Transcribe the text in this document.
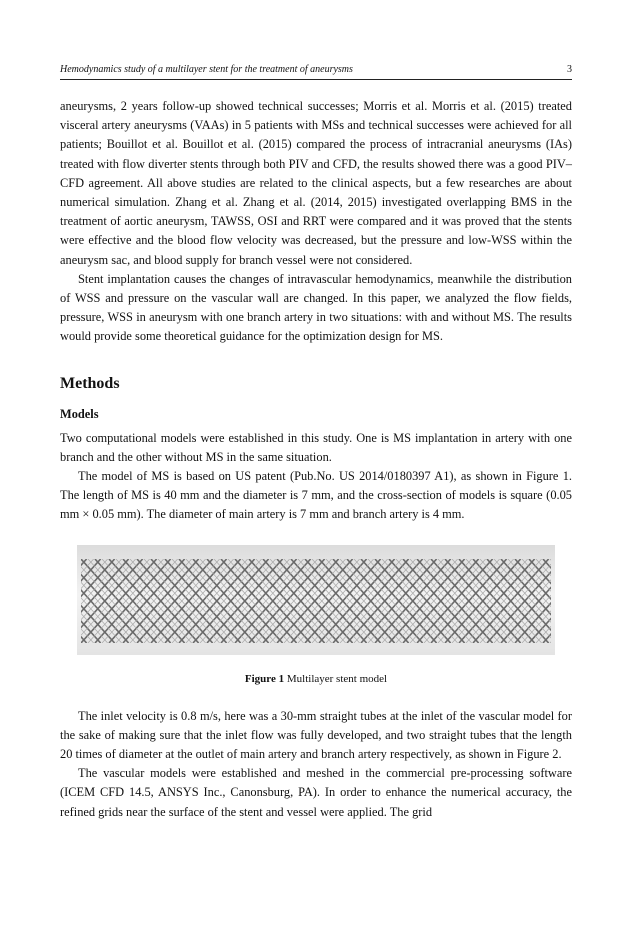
Hemodynamics study of a multilayer stent for the treatment of aneurysms	3

aneurysms, 2 years follow-up showed technical successes; Morris et al. Morris et al. (2015) treated visceral artery aneurysms (VAAs) in 5 patients with MSs and technical successes were achieved for all patients; Bouillot et al. Bouillot et al. (2015) compared the process of intracranial aneurysms (IAs) treated with flow diverter stents through both PIV and CFD, the results showed there was a good PIV–CFD agreement. All above studies are related to the clinical aspects, but a few researches are about numerical simulation. Zhang et al. Zhang et al. (2014, 2015) investigated overlapping BMS in the treatment of aortic aneurysm, TAWSS, OSI and RRT were compared and it was proved that the stents were effective and the blood flow velocity was decreased, but the pressure and low-WSS within the aneurysm sac, and blood supply for branch vessel were not considered.

Stent implantation causes the changes of intravascular hemodynamics, meanwhile the distribution of WSS and pressure on the vascular wall are changed. In this paper, we analyzed the flow fields, pressure, WSS in aneurysm with one branch artery in two situations: with and without MS. The results would provide some theoretical guidance for the optimization design for MS.

Methods
Models

Two computational models were established in this study. One is MS implantation in artery with one branch and the other without MS in the same situation.

The model of MS is based on US patent (Pub.No. US 2014/0180397 A1), as shown in Figure 1. The length of MS is 40 mm and the diameter is 7 mm, and the cross-section of models is square (0.05 mm × 0.05 mm). The diameter of main artery is 7 mm and branch artery is 4 mm.

Figure 1 Multilayer stent model

The inlet velocity is 0.8 m/s, here was a 30-mm straight tubes at the inlet of the vascular model for the sake of making sure that the inlet flow was fully developed, and two straight tubes that the length 20 times of diameter at the outlet of main artery and branch artery respectively, as shown in Figure 2.

The vascular models were established and meshed in the commercial pre-processing software (ICEM CFD 14.5, ANSYS Inc., Canonsburg, PA). In order to enhance the numerical accuracy, the refined grids near the surface of the stent and vessel were applied. The grid
